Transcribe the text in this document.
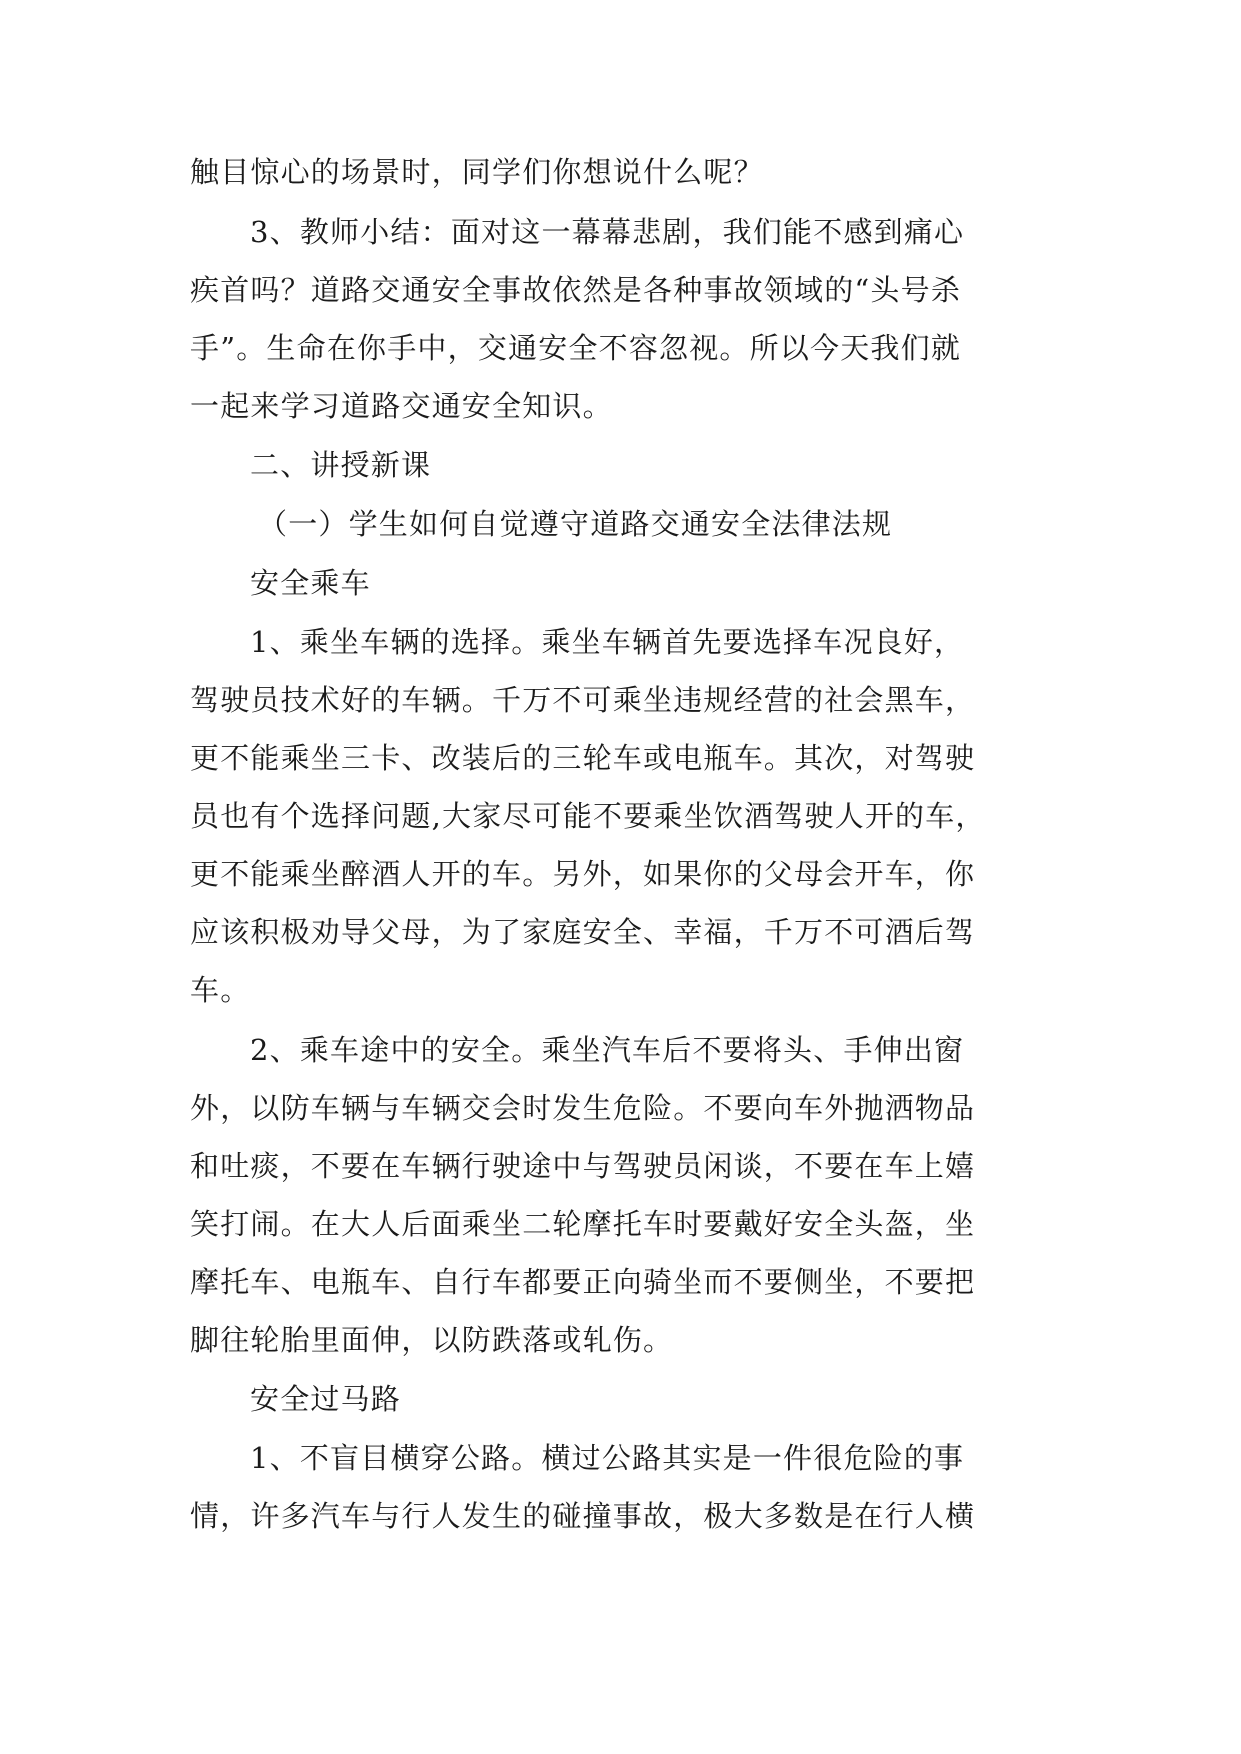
触目惊心的场景时，同学们你想说什么呢？
3、教师小结：面对这一幕幕悲剧，我们能不感到痛心
疾首吗？道路交通安全事故依然是各种事故领域的“头号杀
手”。生命在你手中，交通安全不容忽视。所以今天我们就
一起来学习道路交通安全知识。
二、讲授新课
（一）学生如何自觉遵守道路交通安全法律法规
安全乘车
1、乘坐车辆的选择。乘坐车辆首先要选择车况良好，
驾驶员技术好的车辆。千万不可乘坐违规经营的社会黑车，
更不能乘坐三卡、改装后的三轮车或电瓶车。其次，对驾驶
员也有个选择问题,大家尽可能不要乘坐饮酒驾驶人开的车，
更不能乘坐醉酒人开的车。另外，如果你的父母会开车，你
应该积极劝导父母，为了家庭安全、幸福，千万不可酒后驾
车。
2、乘车途中的安全。乘坐汽车后不要将头、手伸出窗
外，以防车辆与车辆交会时发生危险。不要向车外抛洒物品
和吐痰，不要在车辆行驶途中与驾驶员闲谈，不要在车上嬉
笑打闹。在大人后面乘坐二轮摩托车时要戴好安全头盔，坐
摩托车、电瓶车、自行车都要正向骑坐而不要侧坐，不要把
脚往轮胎里面伸，以防跌落或轧伤。
安全过马路
1、不盲目横穿公路。横过公路其实是一件很危险的事
情，许多汽车与行人发生的碰撞事故，极大多数是在行人横
